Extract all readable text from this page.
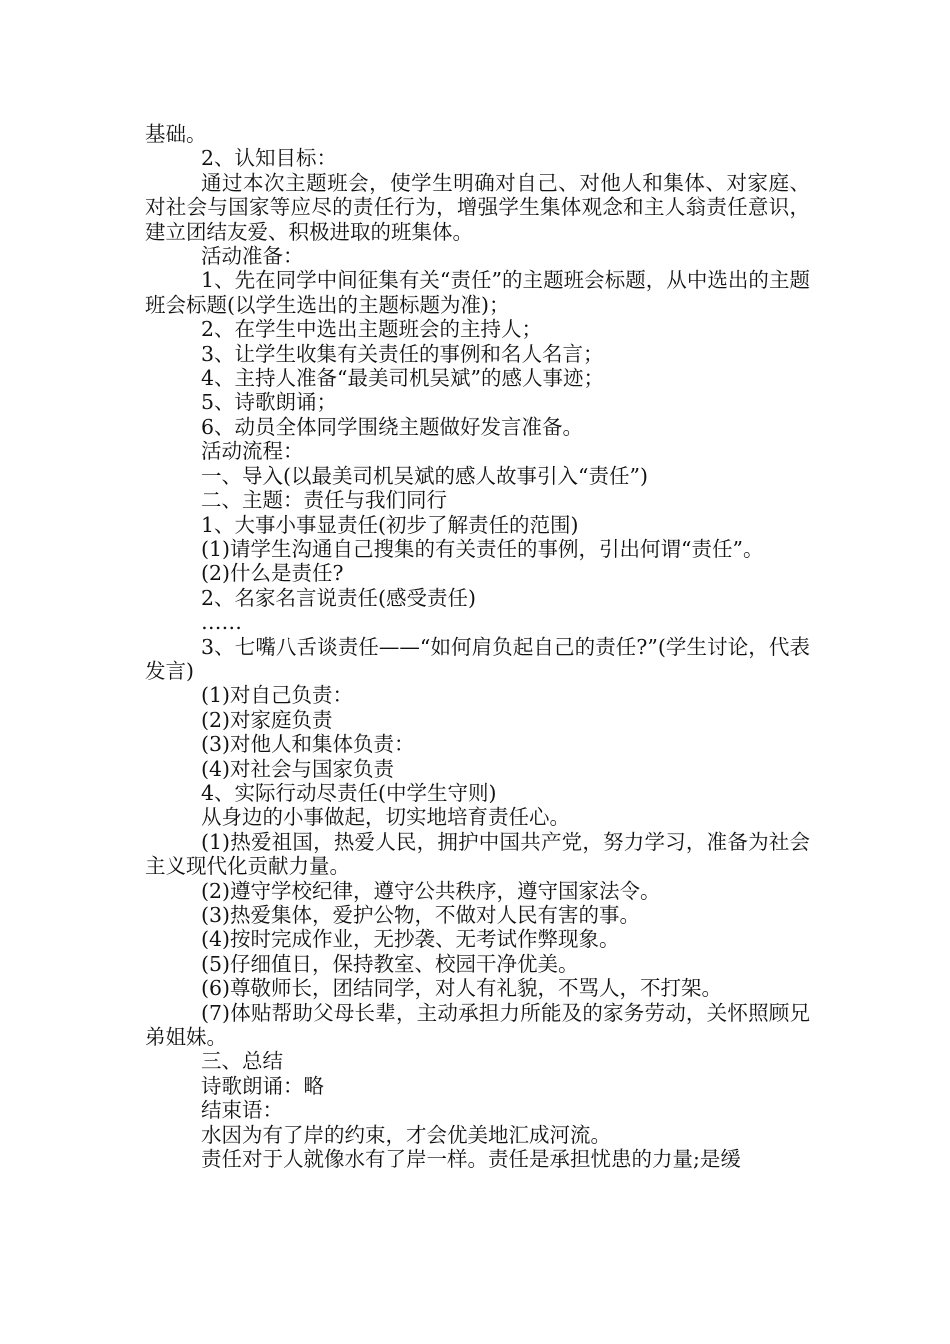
基础。

2、认知目标：

通过本次主题班会，使学生明确对自己、对他人和集体、对家庭、对社会与国家等应尽的责任行为，增强学生集体观念和主人翁责任意识，建立团结友爱、积极进取的班集体。

活动准备：

1、先在同学中间征集有关“责任”的主题班会标题，从中选出的主题班会标题(以学生选出的主题标题为准)；

2、在学生中选出主题班会的主持人；

3、让学生收集有关责任的事例和名人名言；

4、主持人准备“最美司机吴斌”的感人事迹；

5、诗歌朗诵；

6、动员全体同学围绕主题做好发言准备。

活动流程：

一、导入(以最美司机吴斌的感人故事引入“责任”)

二、主题：责任与我们同行

1、大事小事显责任(初步了解责任的范围)

(1)请学生沟通自己搜集的有关责任的事例，引出何谓“责任”。

(2)什么是责任?

2、名家名言说责任(感受责任)

……

3、七嘴八舌谈责任——“如何肩负起自己的责任?”(学生讨论，代表发言)

(1)对自己负责：

(2)对家庭负责

(3)对他人和集体负责：

(4)对社会与国家负责

4、实际行动尽责任(中学生守则)

从身边的小事做起，切实地培育责任心。

(1)热爱祖国，热爱人民，拥护中国共产党，努力学习，准备为社会主义现代化贡献力量。

(2)遵守学校纪律，遵守公共秩序，遵守国家法令。

(3)热爱集体，爱护公物，不做对人民有害的事。

(4)按时完成作业，无抄袭、无考试作弊现象。

(5)仔细值日，保持教室、校园干净优美。

(6)尊敬师长，团结同学，对人有礼貌，不骂人，不打架。

(7)体贴帮助父母长辈，主动承担力所能及的家务劳动，关怀照顾兄弟姐妹。

三、总结

诗歌朗诵：略

结束语：

水因为有了岸的约束，才会优美地汇成河流。

责任对于人就像水有了岸一样。责任是承担忧患的力量;是缓
